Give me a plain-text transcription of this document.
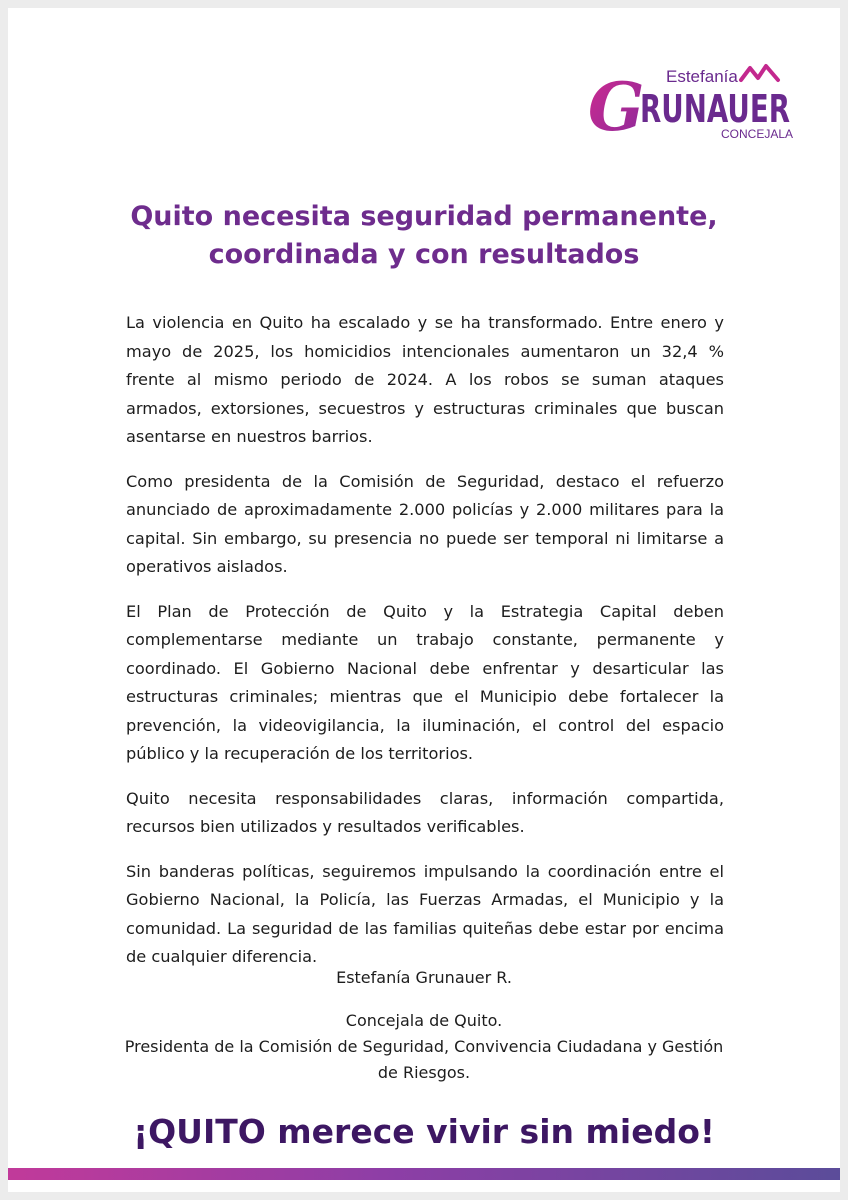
Estefanía
G
RUNAUER
CONCEJALA
Quito necesita seguridad permanente,
coordinada y con resultados

La violencia en Quito ha escalado y se ha transformado. Entre enero y mayo de 2025, los homicidios intencionales aumentaron un 32,4 % frente al mismo periodo de 2024. A los robos se suman ataques armados, extorsiones, secuestros y estructuras criminales que buscan asentarse en nuestros barrios.

Como presidenta de la Comisión de Seguridad, destaco el refuerzo anunciado de aproximadamente 2.000 policías y 2.000 militares para la capital. Sin embargo, su presencia no puede ser temporal ni limitarse a operativos aislados.

El Plan de Protección de Quito y la Estrategia Capital deben complementarse mediante un trabajo constante, permanente y coordinado. El Gobierno Nacional debe enfrentar y desarticular las estructuras criminales; mientras que el Municipio debe fortalecer la prevención, la videovigilancia, la iluminación, el control del espacio público y la recuperación de los territorios.

Quito necesita responsabilidades claras, información compartida, recursos bien utilizados y resultados verificables.

Sin banderas políticas, seguiremos impulsando la coordinación entre el Gobierno Nacional, la Policía, las Fuerzas Armadas, el Municipio y la comunidad. La seguridad de las familias quiteñas debe estar por encima de cualquier diferencia.

Estefanía Grunauer R.

Concejala de Quito.
Presidenta de la Comisión de Seguridad, Convivencia Ciudadana y Gestión de Riesgos.
¡QUITO merece vivir sin miedo!
